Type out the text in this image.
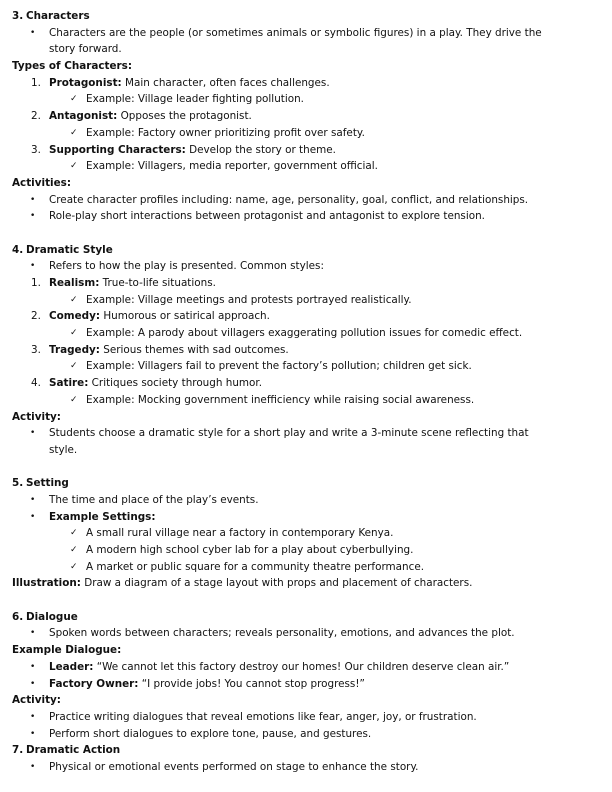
3. Characters
• Characters are the people (or sometimes animals or symbolic figures) in a play. They drive the
story forward.
Types of Characters:
1. Protagonist: Main character, often faces challenges.
✓ Example: Village leader fighting pollution.
2. Antagonist: Opposes the protagonist.
✓ Example: Factory owner prioritizing profit over safety.
3. Supporting Characters: Develop the story or theme.
✓ Example: Villagers, media reporter, government official.
Activities:
• Create character profiles including: name, age, personality, goal, conflict, and relationships.
• Role-play short interactions between protagonist and antagonist to explore tension.
4. Dramatic Style
• Refers to how the play is presented. Common styles:
1. Realism: True-to-life situations.
✓ Example: Village meetings and protests portrayed realistically.
2. Comedy: Humorous or satirical approach.
✓ Example: A parody about villagers exaggerating pollution issues for comedic effect.
3. Tragedy: Serious themes with sad outcomes.
✓ Example: Villagers fail to prevent the factory’s pollution; children get sick.
4. Satire: Critiques society through humor.
✓ Example: Mocking government inefficiency while raising social awareness.
Activity:
• Students choose a dramatic style for a short play and write a 3-minute scene reflecting that
style.
5. Setting
• The time and place of the play’s events.
• Example Settings:
✓ A small rural village near a factory in contemporary Kenya.
✓ A modern high school cyber lab for a play about cyberbullying.
✓ A market or public square for a community theatre performance.
Illustration: Draw a diagram of a stage layout with props and placement of characters.
6. Dialogue
• Spoken words between characters; reveals personality, emotions, and advances the plot.
Example Dialogue:
• Leader: “We cannot let this factory destroy our homes! Our children deserve clean air.”
• Factory Owner: “I provide jobs! You cannot stop progress!”
Activity:
• Practice writing dialogues that reveal emotions like fear, anger, joy, or frustration.
• Perform short dialogues to explore tone, pause, and gestures.
7. Dramatic Action
• Physical or emotional events performed on stage to enhance the story.
